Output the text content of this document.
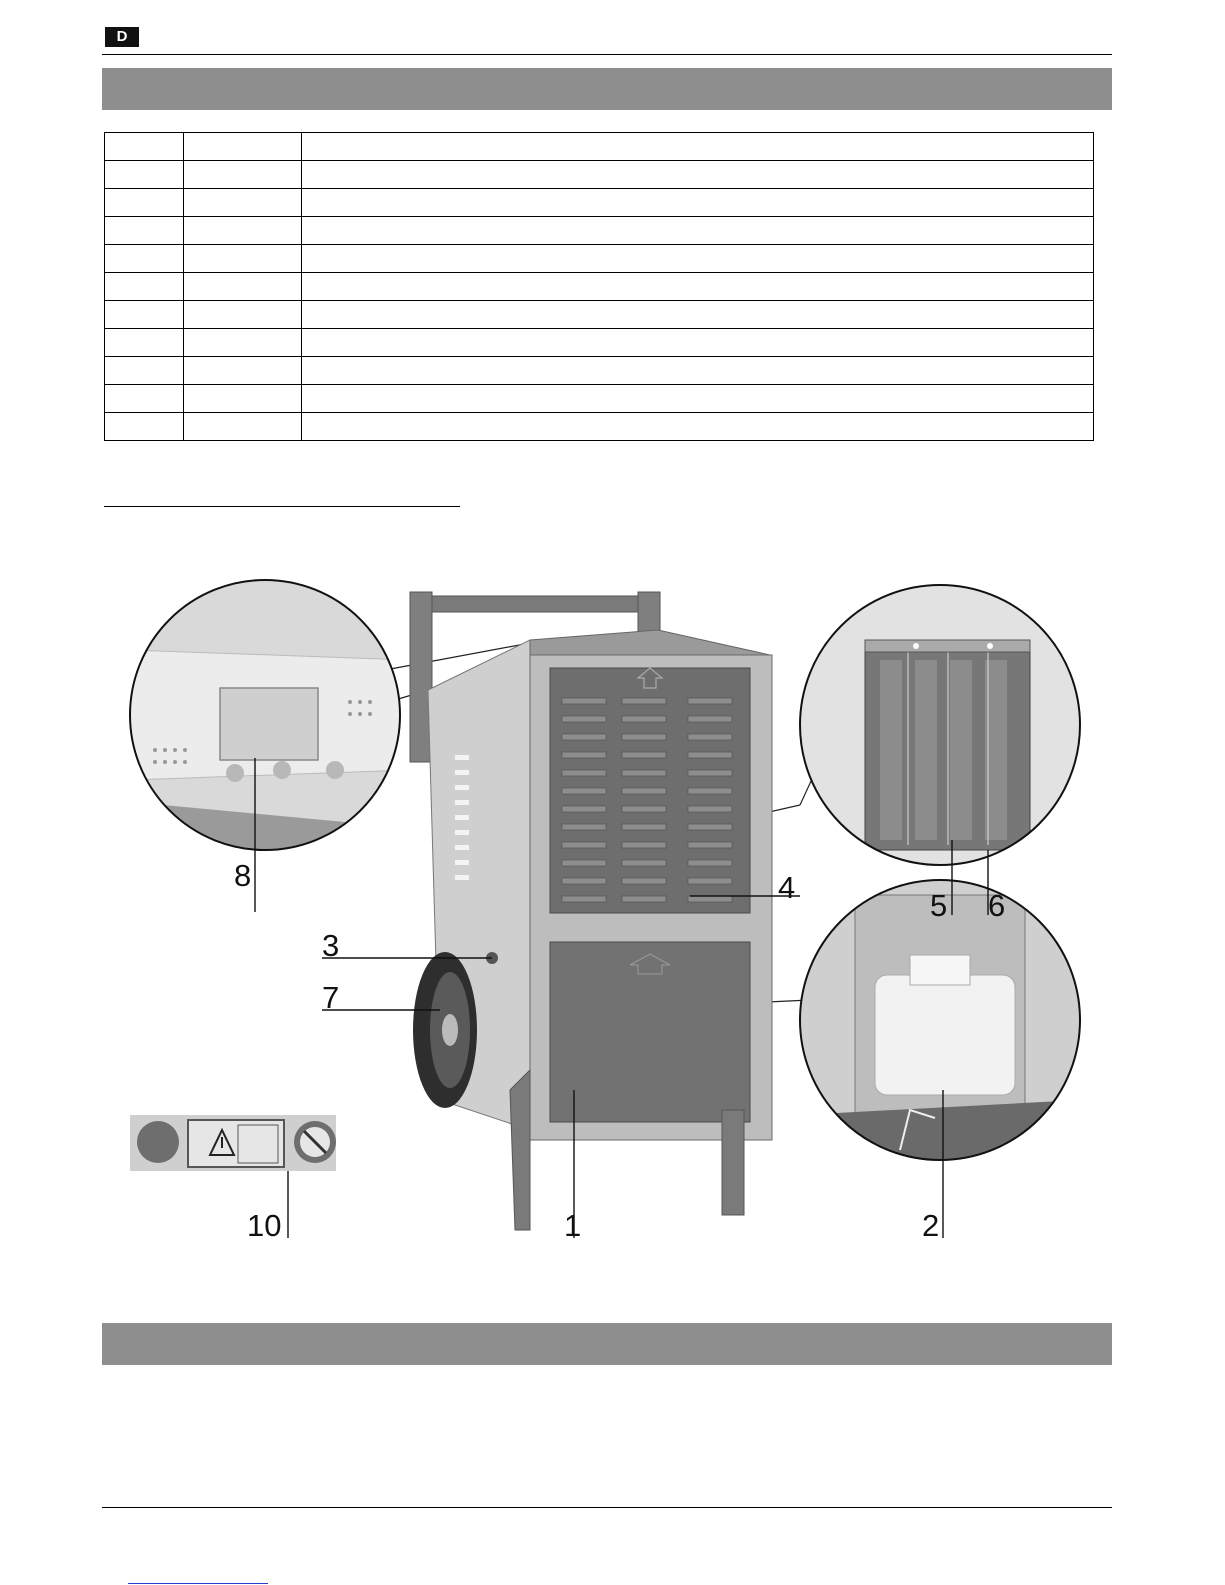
D

8
3
7
4
5 6
10	1	2
